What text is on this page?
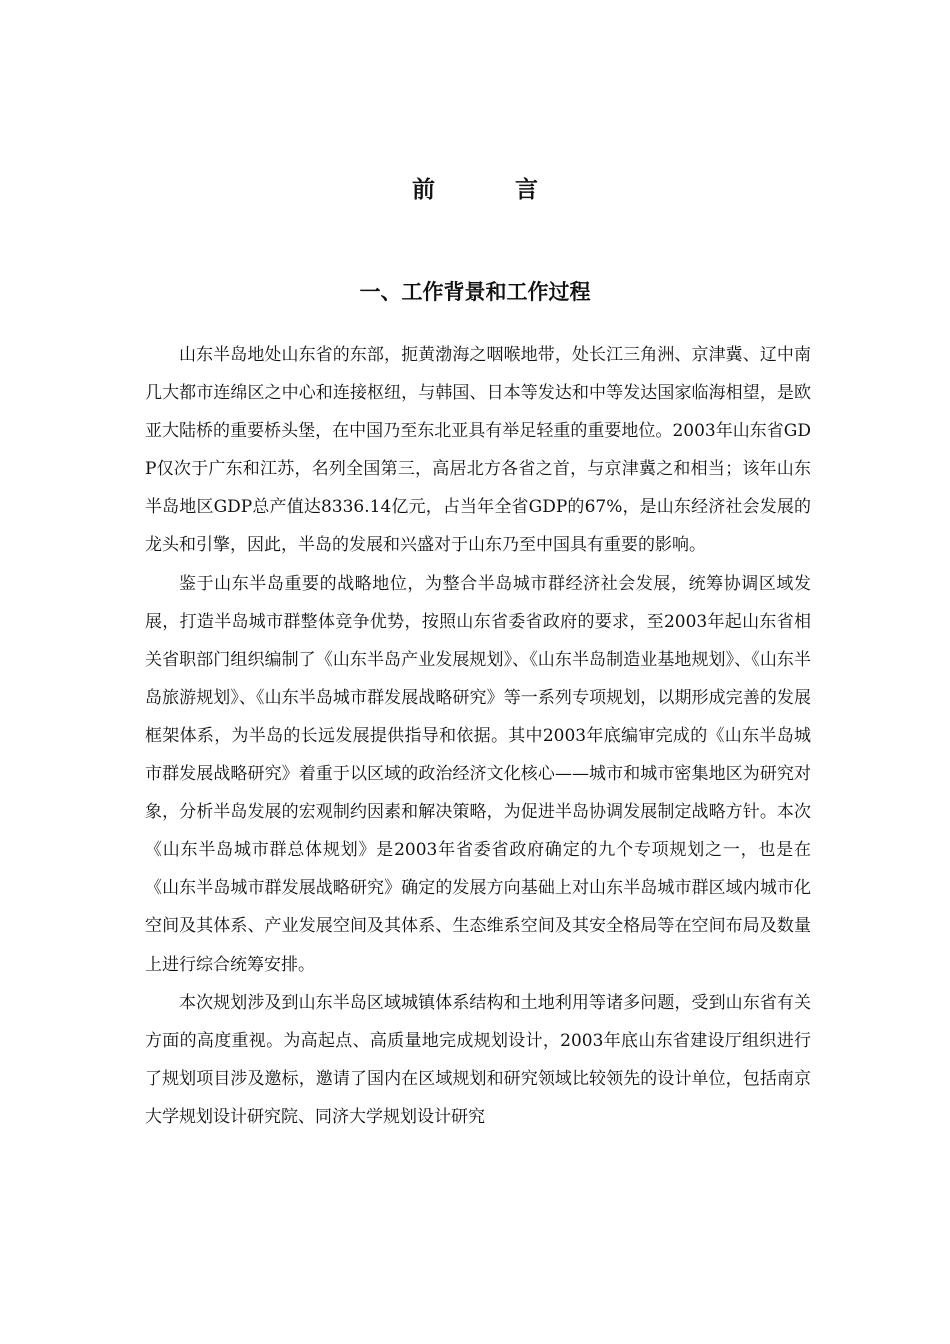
前 言
一、工作背景和工作过程

山东半岛地处山东省的东部，扼黄渤海之咽喉地带，处长江三角洲、京津冀、辽中南几大都市连绵区之中心和连接枢纽，与韩国、日本等发达和中等发达国家临海相望，是欧亚大陆桥的重要桥头堡，在中国乃至东北亚具有举足轻重的重要地位。2003年山东省GDP仅次于广东和江苏，名列全国第三，高居北方各省之首，与京津冀之和相当；该年山东半岛地区GDP总产值达8336.14亿元，占当年全省GDP的67%，是山东经济社会发展的龙头和引擎，因此，半岛的发展和兴盛对于山东乃至中国具有重要的影响。

鉴于山东半岛重要的战略地位，为整合半岛城市群经济社会发展，统筹协调区域发展，打造半岛城市群整体竞争优势，按照山东省委省政府的要求，至2003年起山东省相关省职部门组织编制了《山东半岛产业发展规划》、《山东半岛制造业基地规划》、《山东半岛旅游规划》、《山东半岛城市群发展战略研究》等一系列专项规划，以期形成完善的发展框架体系，为半岛的长远发展提供指导和依据。其中2003年底编审完成的《山东半岛城市群发展战略研究》着重于以区域的政治经济文化核心——城市和城市密集地区为研究对象，分析半岛发展的宏观制约因素和解决策略，为促进半岛协调发展制定战略方针。本次《山东半岛城市群总体规划》是2003年省委省政府确定的九个专项规划之一，也是在《山东半岛城市群发展战略研究》确定的发展方向基础上对山东半岛城市群区域内城市化空间及其体系、产业发展空间及其体系、生态维系空间及其安全格局等在空间布局及数量上进行综合统筹安排。

本次规划涉及到山东半岛区域城镇体系结构和土地利用等诸多问题，受到山东省有关方面的高度重视。为高起点、高质量地完成规划设计，2003年底山东省建设厅组织进行了规划项目涉及邀标，邀请了国内在区域规划和研究领域比较领先的设计单位，包括南京大学规划设计研究院、同济大学规划设计研究
